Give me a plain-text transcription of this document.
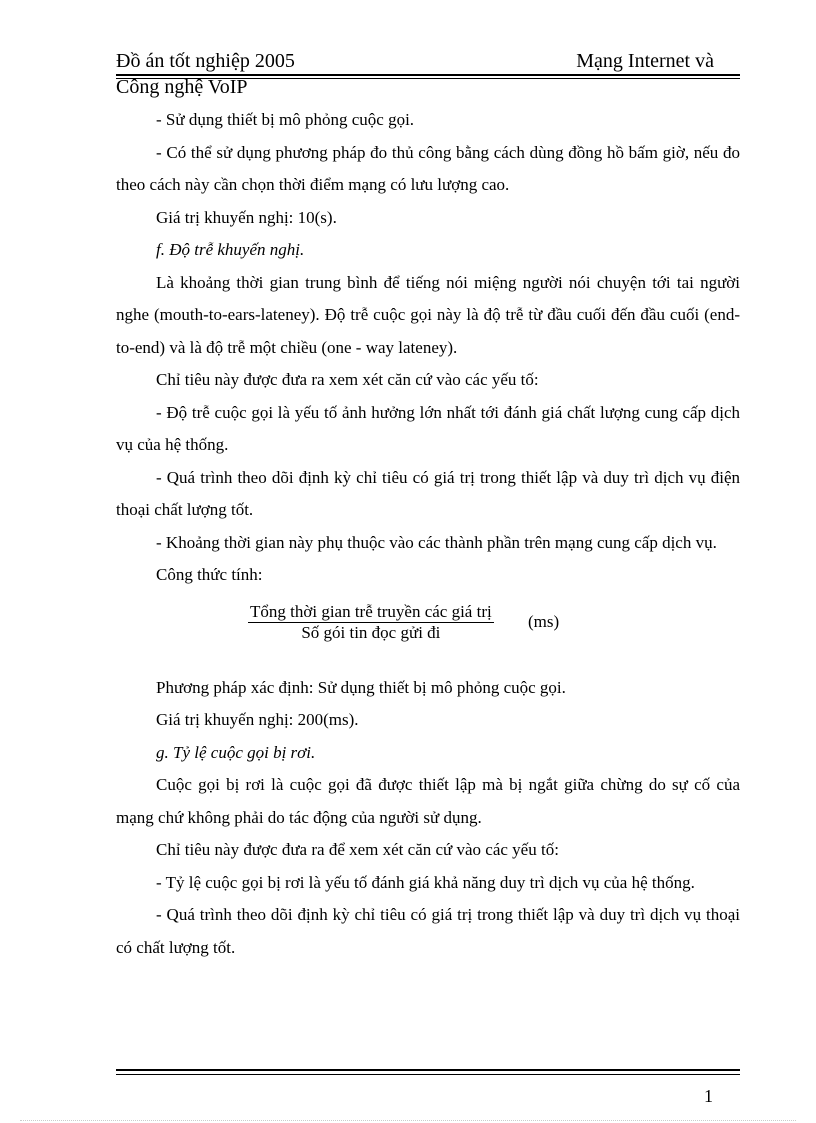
Đồ án tốt nghiệp 2005	Mạng Internet và
Công nghệ VoIP

- Sử dụng thiết bị mô phỏng cuộc gọi.

- Có thể sử dụng phương pháp đo thủ công bằng cách dùng đồng hồ bấm giờ, nếu đo theo cách này cần chọn thời điểm mạng có lưu lượng cao.

Giá trị khuyến nghị: 10(s).

f. Độ trễ khuyến nghị.

Là khoảng thời gian trung bình để tiếng nói miệng người nói chuyện tới tai người nghe (mouth-to-ears-lateney). Độ trễ cuộc gọi này là độ trễ từ đầu cuối đến đầu cuối (end-to-end) và là độ trễ một chiều (one - way lateney).

Chỉ tiêu này được đưa ra xem xét căn cứ vào các yếu tố:

- Độ trễ cuộc gọi là yếu tố ảnh hưởng lớn nhất tới đánh giá chất lượng cung cấp dịch vụ của hệ thống.

- Quá trình theo dõi định kỳ chỉ tiêu có giá trị trong thiết lập và duy trì dịch vụ điện thoại chất lượng tốt.

- Khoảng thời gian này phụ thuộc vào các thành phần trên mạng cung cấp dịch vụ.

Công thức tính:

Tổng thời gian trễ truyền các giá trị
Số gói tin đọc gửi đi
(ms)

Phương pháp xác định: Sử dụng thiết bị mô phỏng cuộc gọi.

Giá trị khuyến nghị: 200(ms).

g. Tỷ lệ cuộc gọi bị rơi.

Cuộc gọi bị rơi là cuộc gọi đã được thiết lập mà bị ngắt giữa chừng do sự cố của mạng chứ không phải do tác động của người sử dụng.

Chỉ tiêu này được đưa ra để xem xét căn cứ vào các yếu tố:

- Tỷ lệ cuộc gọi bị rơi là yếu tố đánh giá khả năng duy trì dịch vụ của hệ thống.

- Quá trình theo dõi định kỳ chỉ tiêu có giá trị trong thiết lập và duy trì dịch vụ thoại có chất lượng tốt.

1
